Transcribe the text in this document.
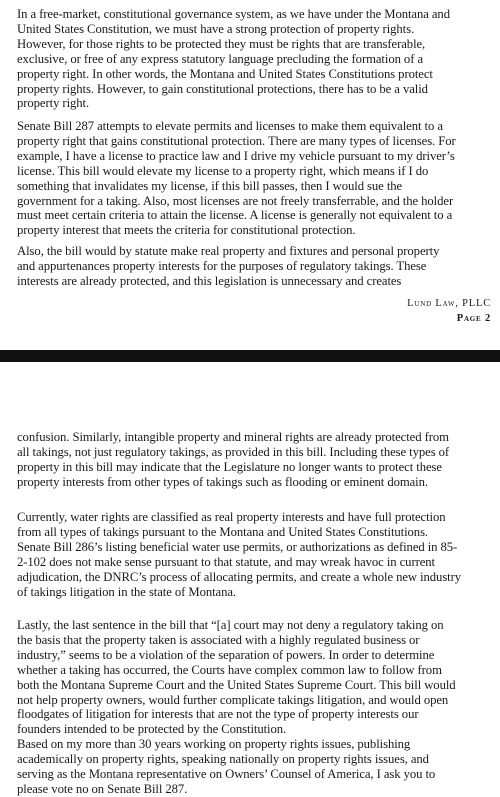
In a free-market, constitutional governance system, as we have under the Montana and
United States Constitution, we must have a strong protection of property rights.
However, for those rights to be protected they must be rights that are transferable,
exclusive, or free of any express statutory language precluding the formation of a
property right. In other words, the Montana and United States Constitutions protect
property rights. However, to gain constitutional protections, there has to be a valid
property right.

Senate Bill 287 attempts to elevate permits and licenses to make them equivalent to a
property right that gains constitutional protection. There are many types of licenses. For
example, I have a license to practice law and I drive my vehicle pursuant to my driver’s
license. This bill would elevate my license to a property right, which means if I do
something that invalidates my license, if this bill passes, then I would sue the
government for a taking. Also, most licenses are not freely transferrable, and the holder
must meet certain criteria to attain the license. A license is generally not equivalent to a
property interest that meets the criteria for constitutional protection.

Also, the bill would by statute make real property and fixtures and personal property
and appurtenances property interests for the purposes of regulatory takings. These
interests are already protected, and this legislation is unnecessary and creates

Lund Law, PLLC
Page 2

confusion. Similarly, intangible property and mineral rights are already protected from
all takings, not just regulatory takings, as provided in this bill. Including these types of
property in this bill may indicate that the Legislature no longer wants to protect these
property interests from other types of takings such as flooding or eminent domain.

Currently, water rights are classified as real property interests and have full protection
from all types of takings pursuant to the Montana and United States Constitutions.
Senate Bill 286’s listing beneficial water use permits, or authorizations as defined in 85-
2-102 does not make sense pursuant to that statute, and may wreak havoc in current
adjudication, the DNRC’s process of allocating permits, and create a whole new industry
of takings litigation in the state of Montana.

Lastly, the last sentence in the bill that “[a] court may not deny a regulatory taking on
the basis that the property taken is associated with a highly regulated business or
industry,” seems to be a violation of the separation of powers. In order to determine
whether a taking has occurred, the Courts have complex common law to follow from
both the Montana Supreme Court and the United States Supreme Court. This bill would
not help property owners, would further complicate takings litigation, and would open
floodgates of litigation for interests that are not the type of property interests our
founders intended to be protected by the Constitution.

Based on my more than 30 years working on property rights issues, publishing
academically on property rights, speaking nationally on property rights issues, and
serving as the Montana representative on Owners’ Counsel of America, I ask you to
please vote no on Senate Bill 287.
